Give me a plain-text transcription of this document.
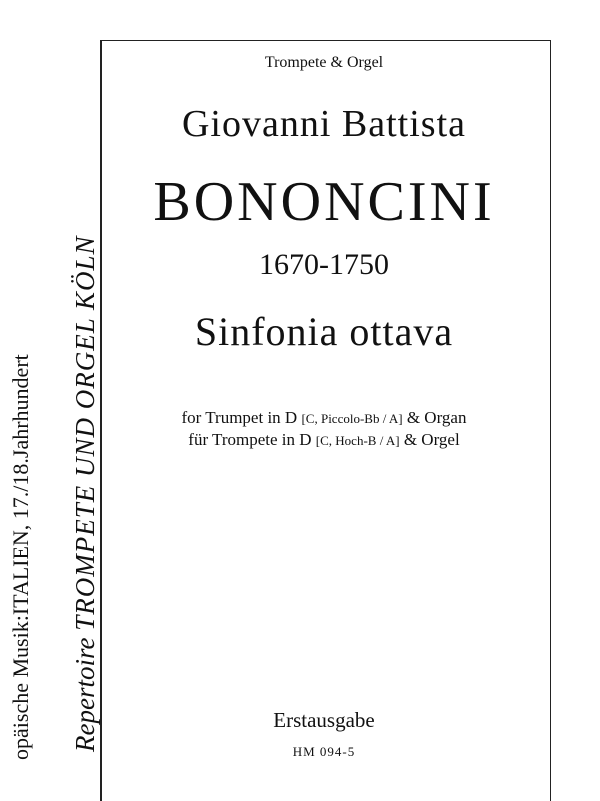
opäische Musik:ITALIEN, 17./18.Jahrhundert Repertoire TROMPETE UND ORGEL KÖLN
Trompete & Orgel
Giovanni Battista
BONONCINI
1670-1750
Sinfonia ottava
for Trumpet in D [C, Piccolo-Bb / A] & Organ
für Trompete in D [C, Hoch-B / A] & Orgel
Erstausgabe
HM 094-5
